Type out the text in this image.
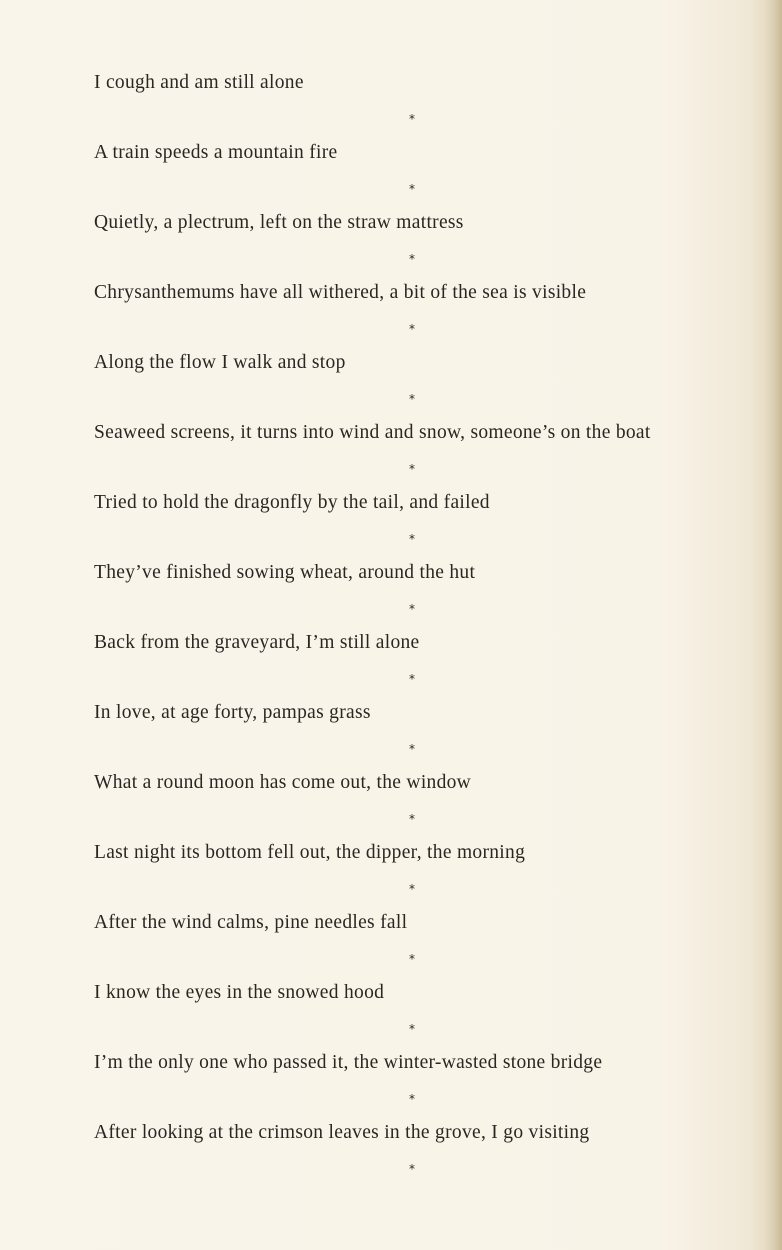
I cough and am still alone

*

A train speeds a mountain fire

*

Quietly, a plectrum, left on the straw mattress

*

Chrysanthemums have all withered, a bit of the sea is visible

*

Along the flow I walk and stop

*

Seaweed screens, it turns into wind and snow, someone’s on the boat

*

Tried to hold the dragonfly by the tail, and failed

*

They’ve finished sowing wheat, around the hut

*

Back from the graveyard, I’m still alone

*

In love, at age forty, pampas grass

*

What a round moon has come out, the window

*

Last night its bottom fell out, the dipper, the morning

*

After the wind calms, pine needles fall

*

I know the eyes in the snowed hood

*

I’m the only one who passed it, the winter-wasted stone bridge

*

After looking at the crimson leaves in the grove, I go visiting

*
